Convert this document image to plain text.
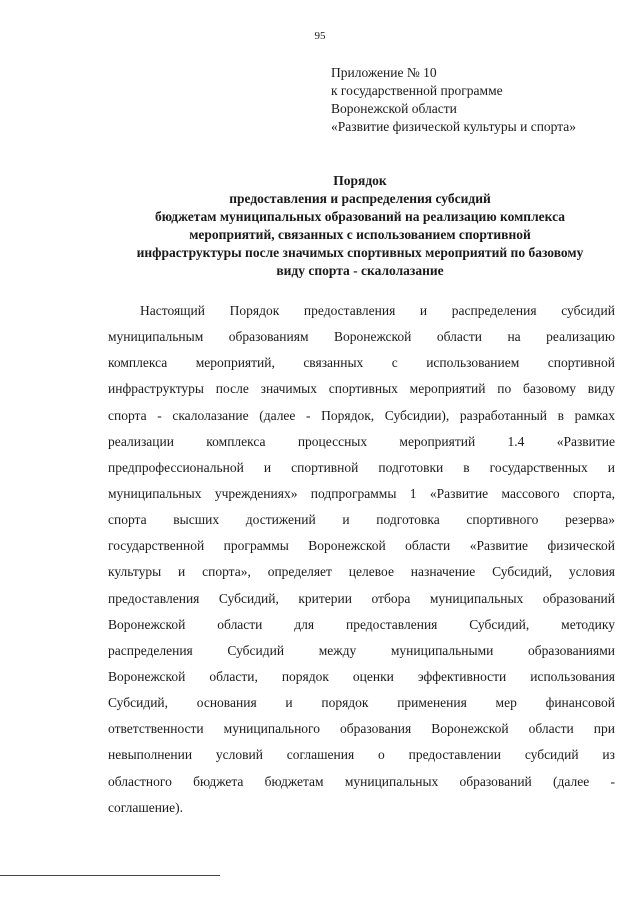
95
Приложение № 10
к государственной программе
Воронежской области
«Развитие физической культуры и спорта»
Порядок
предоставления и распределения субсидий
бюджетам муниципальных образований на реализацию комплекса
мероприятий, связанных с использованием спортивной
инфраструктуры после значимых спортивных мероприятий по базовому
виду спорта - скалолазание
Настоящий Порядок предоставления и распределения субсидий
муниципальным образованиям Воронежской области на реализацию
комплекса мероприятий, связанных с использованием спортивной
инфраструктуры после значимых спортивных мероприятий по базовому виду
спорта - скалолазание (далее - Порядок, Субсидии), разработанный в рамках
реализации комплекса процессных мероприятий 1.4 «Развитие
предпрофессиональной и спортивной подготовки в государственных и
муниципальных учреждениях» подпрограммы 1 «Развитие массового спорта,
спорта высших достижений и подготовка спортивного резерва»
государственной программы Воронежской области «Развитие физической
культуры и спорта», определяет целевое назначение Субсидий, условия
предоставления Субсидий, критерии отбора муниципальных образований
Воронежской области для предоставления Субсидий, методику
распределения Субсидий между муниципальными образованиями
Воронежской области, порядок оценки эффективности использования
Субсидий, основания и порядок применения мер финансовой
ответственности муниципального образования Воронежской области при
невыполнении условий соглашения о предоставлении субсидий из
областного бюджета бюджетам муниципальных образований (далее -
соглашение).
